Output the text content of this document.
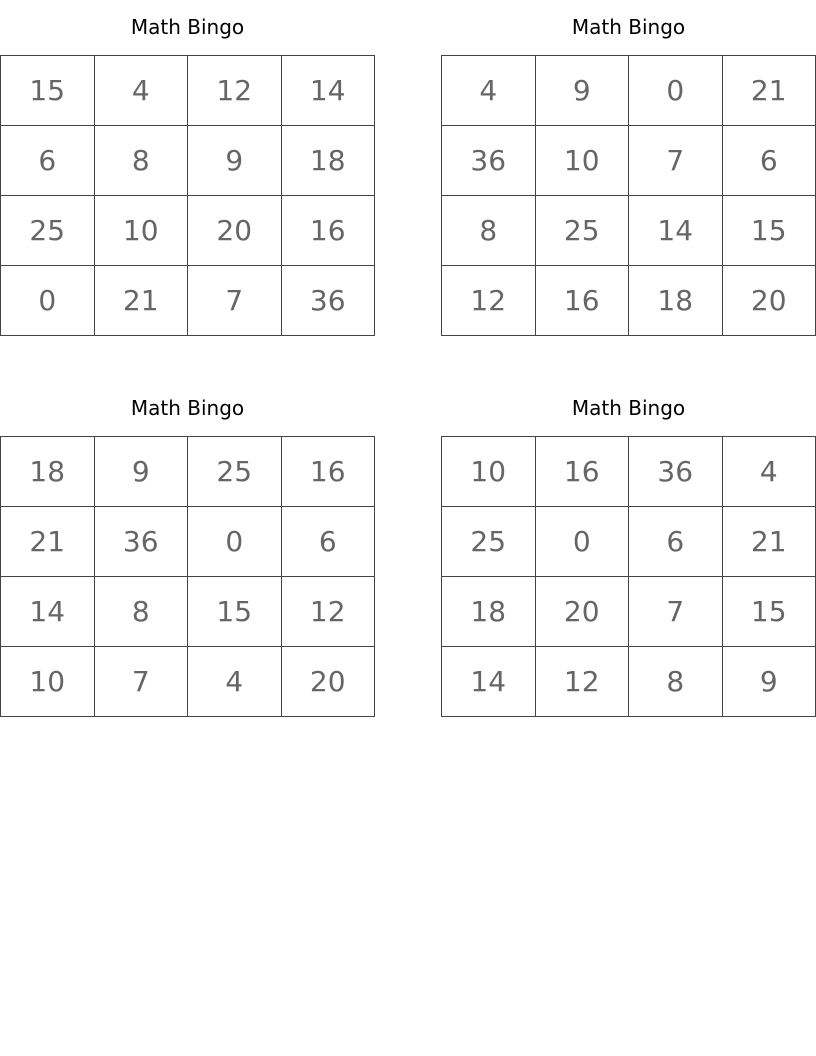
Math Bingo
15	4	12	14
6	8	9	18
25	10	20	16
0	21	7	36
Math Bingo
4	9	0	21
36	10	7	6
8	25	14	15
12	16	18	20
Math Bingo
18	9	25	16
21	36	0	6
14	8	15	12
10	7	4	20
Math Bingo
10	16	36	4
25	0	6	21
18	20	7	15
14	12	8	9
